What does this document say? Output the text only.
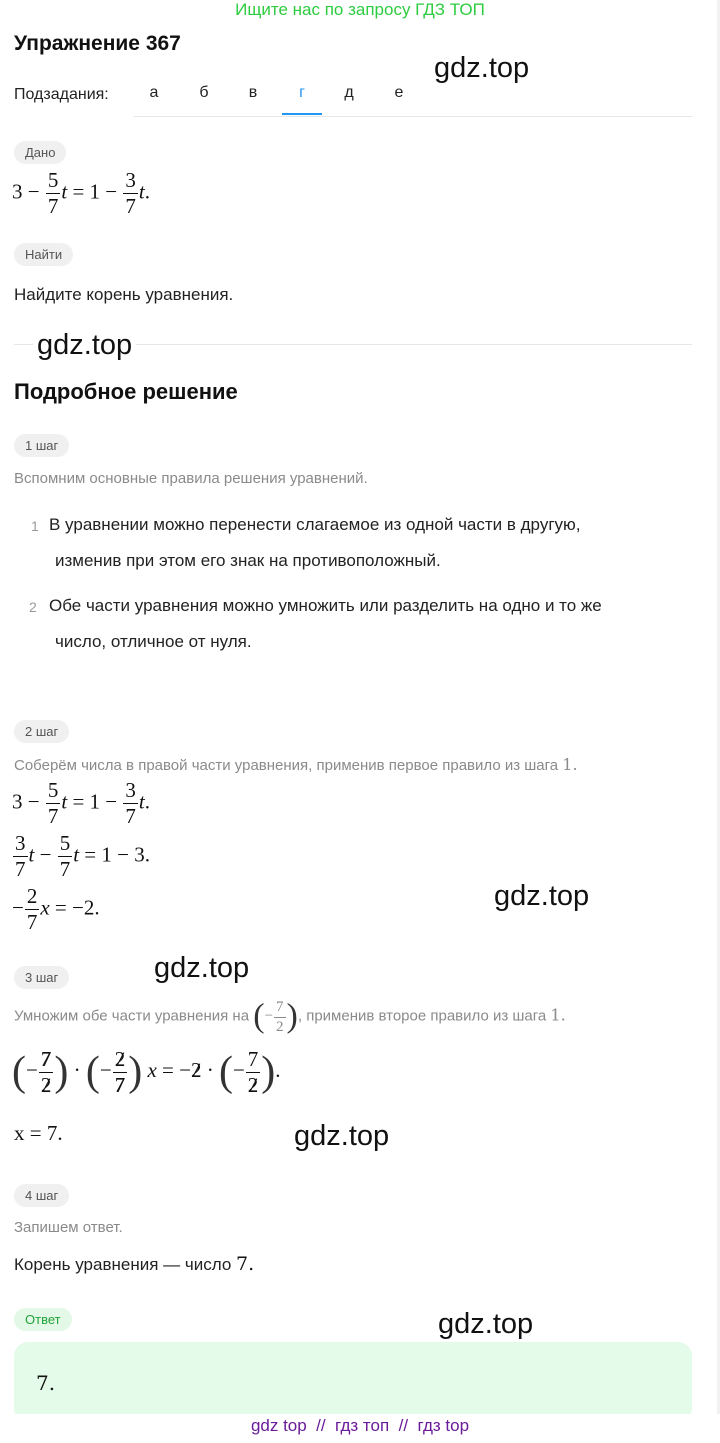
Ищите нас по запросу ГДЗ ТОП
Упражнение 367
Подзадания:	а	б	в	г	д	е
gdz.top
Дано
$3 - \frac{5}{7}$ $t = 1 - \frac{3}{7} t$.
Найти
Найдите корень уравнения.
gdz.top
Подробное решение
1 шаг
Вспомним основные правила решения уравнений.
1 В уравнении можно перенести слагаемое из одной части в другую,
изменив при этом его знак на противоположный.
2 Обе части уравнения можно умножить или разделить на одно и то же
число, отличное от нуля.
2 шаг
Соберём числа в правой части уравнения, применив первое правило из шага 1.
$3 - \frac{5}{7}$ $t = 1 - \frac{3}{7} t$.
$\frac{3}{7}$ $t - \frac{5}{7}$ t = 1 − 3.
− $\frac{2}{7}$ x = −2.	gdz.top
3 шаг	gdz.top
Умножим обе части уравнения на (− $\frac{7}{2}$ ), применив второе правило из шага 1.
(− $\frac{7}{2}$ ) · (− $\frac{2}{7}$ ) x = −2 · (− $\frac{7}{2}$ ).
x = 7.	gdz.top
4 шаг
Запишем ответ.
Корень уравнения — число 7.
Ответ
7.
gdz.top
gdz top  //  гдз топ  //  гдз top
